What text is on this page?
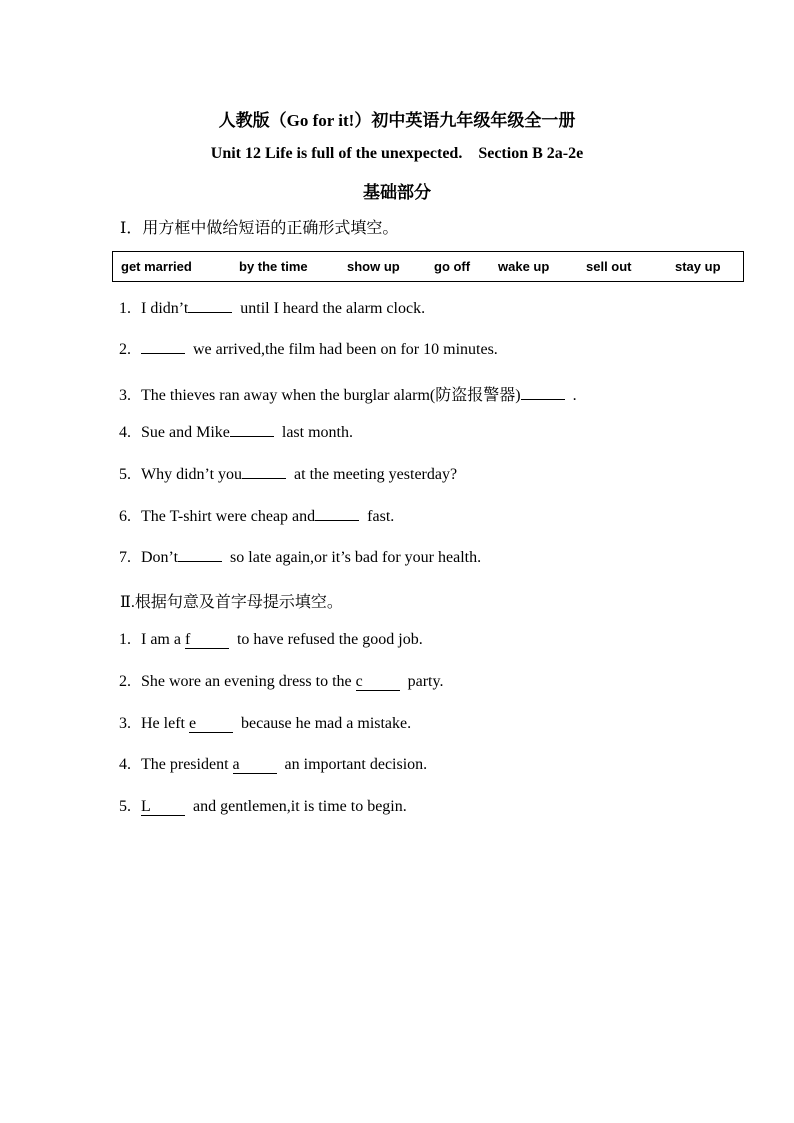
人教版（Go for it!）初中英语九年级年级全一册
Unit 12 Life is full of the unexpected.    Section B 2a-2e
基础部分
Ⅰ．用方框中做给短语的正确形式填空。
get married	by the time	show up	go off wake up	sell out	stay up
1. I didn’t	until I heard the alarm clock.
2.	we arrived,the film had been on for 10 minutes.
3. The thieves ran away when the burglar alarm(防盗报警器)	.
4. Sue and Mike	last month.
5. Why didn’t you	at the meeting yesterday?
6. The T-shirt were cheap and	fast.
7. Don’t	so late again,or it’s bad for your health.
Ⅱ.根据句意及首字母提示填空。
1. I am a f	to have refused the good job.
2. She wore an evening dress to the c	party.
3. He left e	because he mad a mistake.
4. The president a	an important decision.
5. L	and gentlemen,it is time to begin.
